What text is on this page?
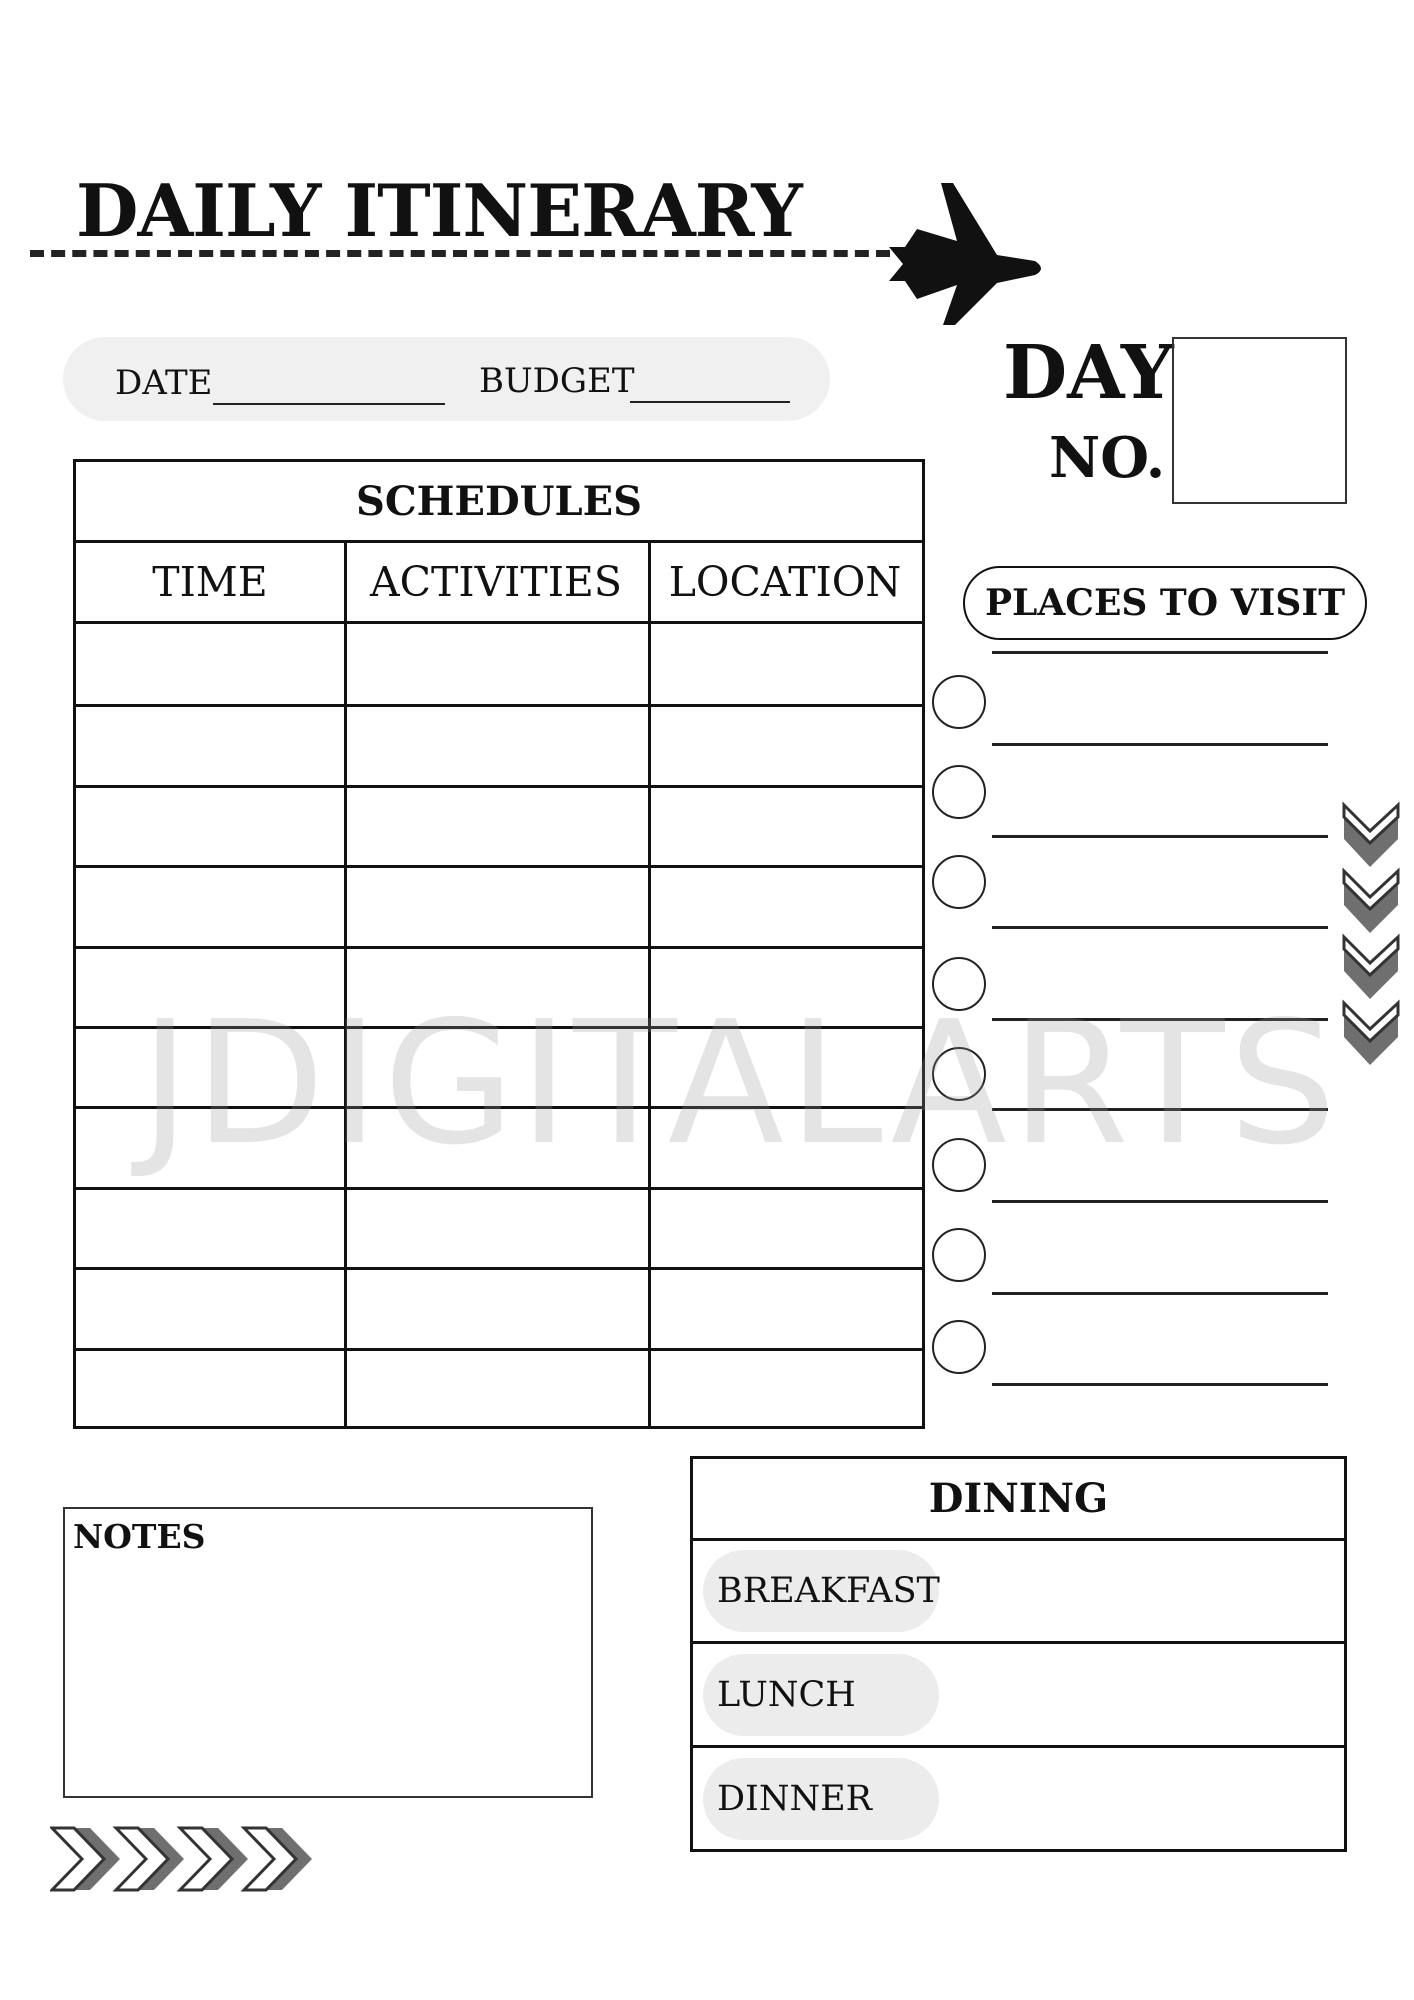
DAILY ITINERARY
DATE	BUDGET	DAY
NO.
SCHEDULES
TIME	ACTIVITIES	LOCATION	PLACES TO VISIT
JDIGITALARTS
NOTES
DINING
BREAKFAST
LUNCH
DINNER
